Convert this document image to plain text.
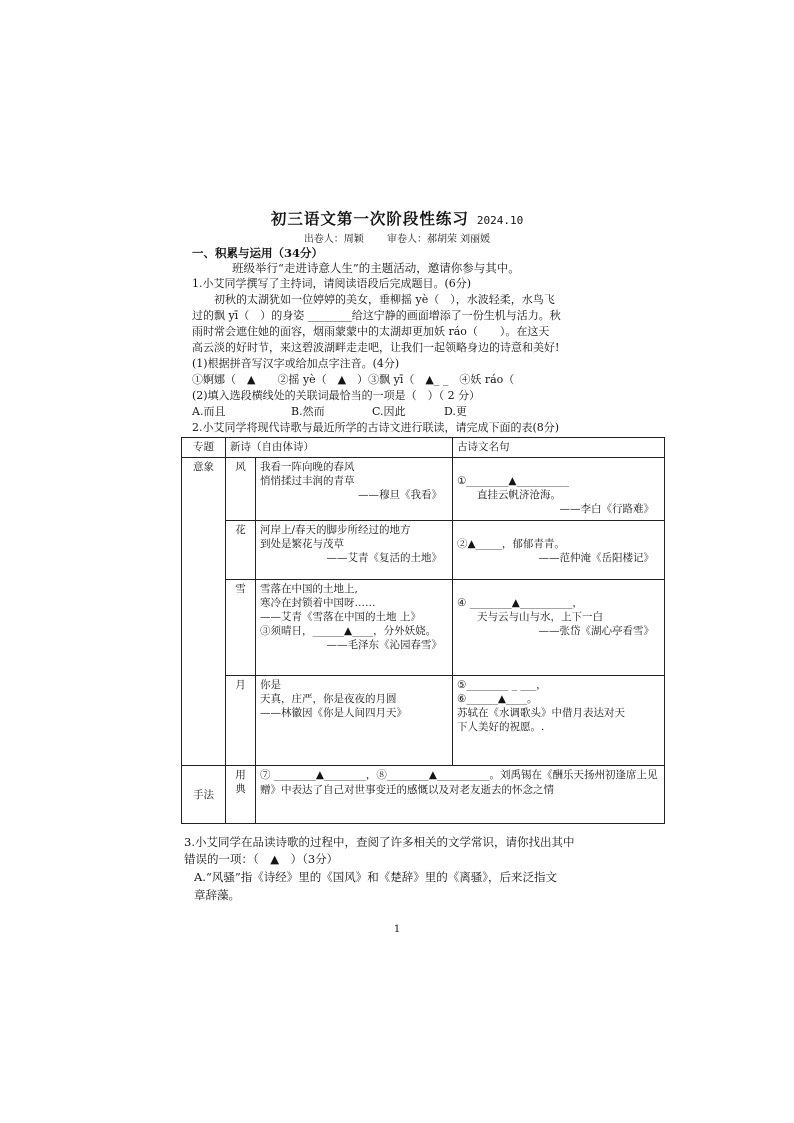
初三语文第一次阶段性练习 2024.10
出卷人：周颖 审卷人：郝胡荣 刘丽媛
一、积累与运用（34分）
班级举行“走进诗意人生”的主题活动，邀请你参与其中。
1.小艾同学撰写了主持词，请阅读语段后完成题目。(6分)
初秋的太湖犹如一位婷婷的美女，垂柳摇 yè（　），水波轻柔，水鸟飞
过的飘 yī（　）的身姿 ________给这宁静的画面增添了一份生机与活力。秋
雨时常会遮住她的面容，烟雨蒙蒙中的太湖却更加妖 ráo（　　）。在这天
高云淡的好时节，来这碧波湖畔走走吧，让我们一起领略身边的诗意和美好!
(1)根据拼音写汉字或给加点字注音。(4分)
①婀娜（　▲　　②摇 yè（　▲　）③飘 yī（　▲_ _　④妖 ráo（
(2)填入选段横线处的关联词最恰当的一项是（　）（ 2 分）
A.而且	B.然而	C.因此	D.更
2.小艾同学将现代诗歌与最近所学的古诗文进行联读，请完成下面的表(8分)
专题	新诗（自由体诗）		古诗文名句
意象	风	我看一阵向晚的春风
悄悄揉过丰润的青草
——穆旦《我看》	①________▲__________
直挂云帆济沧海。
——李白《行路难》

	花	河岸上/春天的脚步所经过的地方
到处是繁花与茂草
——艾青《复活的土地》	②▲_____，郁郁青青。
——范仲淹《岳阳楼记》

	雪	雪落在中国的土地上,
寒冷在封锁着中国呀……
——艾青《雪落在中国的土地 上》
③须晴日，______▲____，分外妖娆。
——毛泽东《沁园春雪》	④ ________▲__________，
天与云与山与水，上下一白
——张岱《湖心亭看雪》

	月	你是
天真，庄严，你是夜夜的月圆
——林徽因《你是人间四月天》	⑤________ _ ___，
⑥______▲____。
苏轼在《水调歌头》中借月表达对天
下人美好的祝愿。.

手法	用典	⑦ ________▲________，⑧________▲__________。刘禹锡在《酬乐天扬州初逢席上见赠》中表达了自己对世事变迁的感慨以及对老友逝去的怀念之情	
3.小艾同学在品读诗歌的过程中，查阅了许多相关的文学常识，请你找出其中
错误的一项：（　▲　）（3分）
A.“风骚”指《诗经》里的《国风》和《楚辞》里的《离骚》，后来泛指文
章辞藻。
1
